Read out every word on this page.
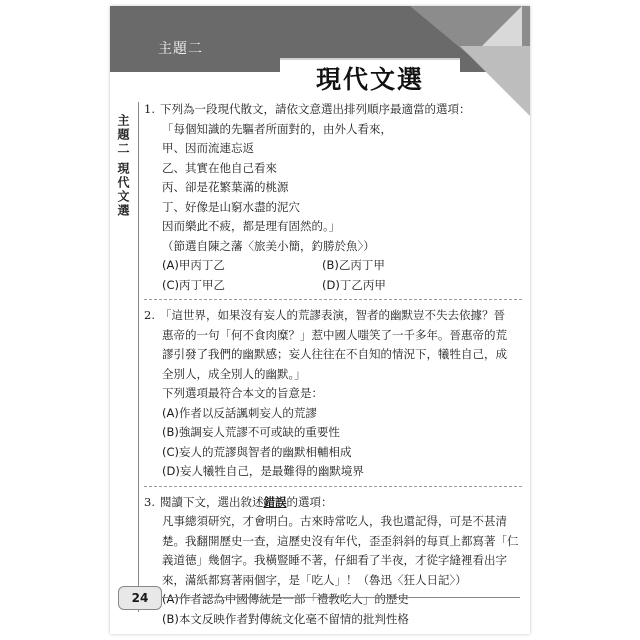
主題二
現代文選
主題二 現代文選
1. 下列為一段現代散文，請依文意選出排列順序最適當的選項：
「每個知識的先驅者所面對的，由外人看來，
甲、因而流連忘返
乙、其實在他自己看來
丙、卻是花繁葉滿的桃源
丁、好像是山窮水盡的泥穴
因而樂此不疲，都是理有固然的。」
（節選自陳之藩〈旅美小簡，釣勝於魚〉）
(A)甲丙丁乙	(B)乙丙丁甲
(C)丙丁甲乙	(D)丁乙丙甲
2. 「這世界，如果沒有妄人的荒謬表演，智者的幽默豈不失去依據？晉
惠帝的一句「何不食肉糜？」惹中國人嗤笑了一千多年。晉惠帝的荒
謬引發了我們的幽默感；妄人往往在不自知的情況下，犧牲自己，成
全別人，成全別人的幽默。」
下列選項最符合本文的旨意是：
(A)作者以反話諷刺妄人的荒謬
(B)強調妄人荒謬不可或缺的重要性
(C)妄人的荒謬與智者的幽默相輔相成
(D)妄人犧牲自己，是最難得的幽默境界
3. 閱讀下文，選出敘述錯誤的選項：
凡事總須研究，才會明白。古來時常吃人，我也還記得，可是不甚清
楚。我翻開歷史一查，這歷史沒有年代，歪歪斜斜的每頁上都寫著「仁
義道德」幾個字。我橫豎睡不著，仔細看了半夜，才從字縫裡看出字
來，滿紙都寫著兩個字，是「吃人」！（魯迅〈狂人日記〉）
(A)作者認為中國傳統是一部「禮教吃人」的歷史
(B)本文反映作者對傳統文化毫不留情的批判性格
24
